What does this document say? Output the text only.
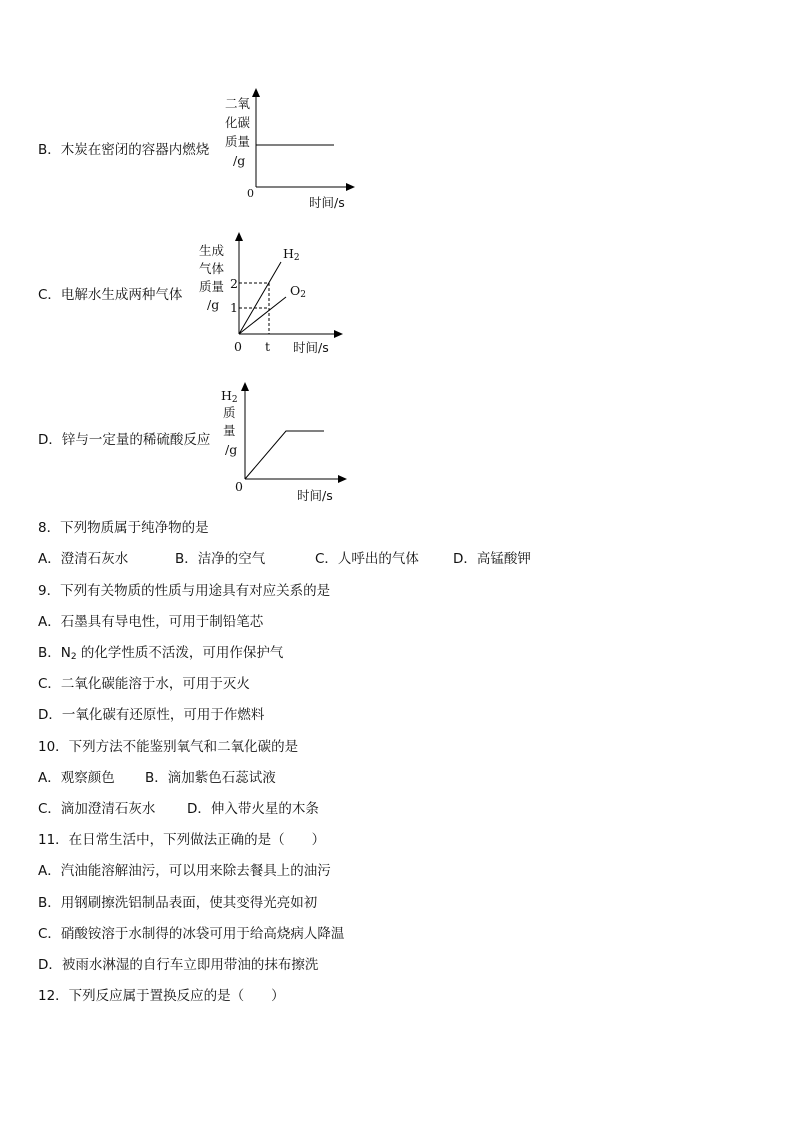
B．木炭在密闭的容器内燃烧
二氧
化碳
质量
/g
0
时间/s
C．电解水生成两种气体
生成
气体
质量
/g
2
1
0 t
$H_2$
$O_2$
时间/s
D．锌与一定量的稀硫酸反应
$H_2$
质
量
/g
0
时间/s
8．下列物质属于纯净物的是
A．澄清石灰水	B．洁净的空气	C．人呼出的气体	D．高锰酸钾
9．下列有关物质的性质与用途具有对应关系的是
A．石墨具有导电性，可用于制铅笔芯
B．$N_2$ 的化学性质不活泼，可用作保护气
C．二氧化碳能溶于水，可用于灭火
D．一氧化碳有还原性，可用于作燃料
10．下列方法不能鉴别氧气和二氧化碳的是
A．观察颜色 B．滴加紫色石蕊试液
C．滴加澄清石灰水 D．伸入带火星的木条
11．在日常生活中，下列做法正确的是（　　）
A．汽油能溶解油污，可以用来除去餐具上的油污
B．用钢刷擦洗铝制品表面，使其变得光亮如初
C．硝酸铵溶于水制得的冰袋可用于给高烧病人降温
D．被雨水淋湿的自行车立即用带油的抹布擦洗
12．下列反应属于置换反应的是（　　）
